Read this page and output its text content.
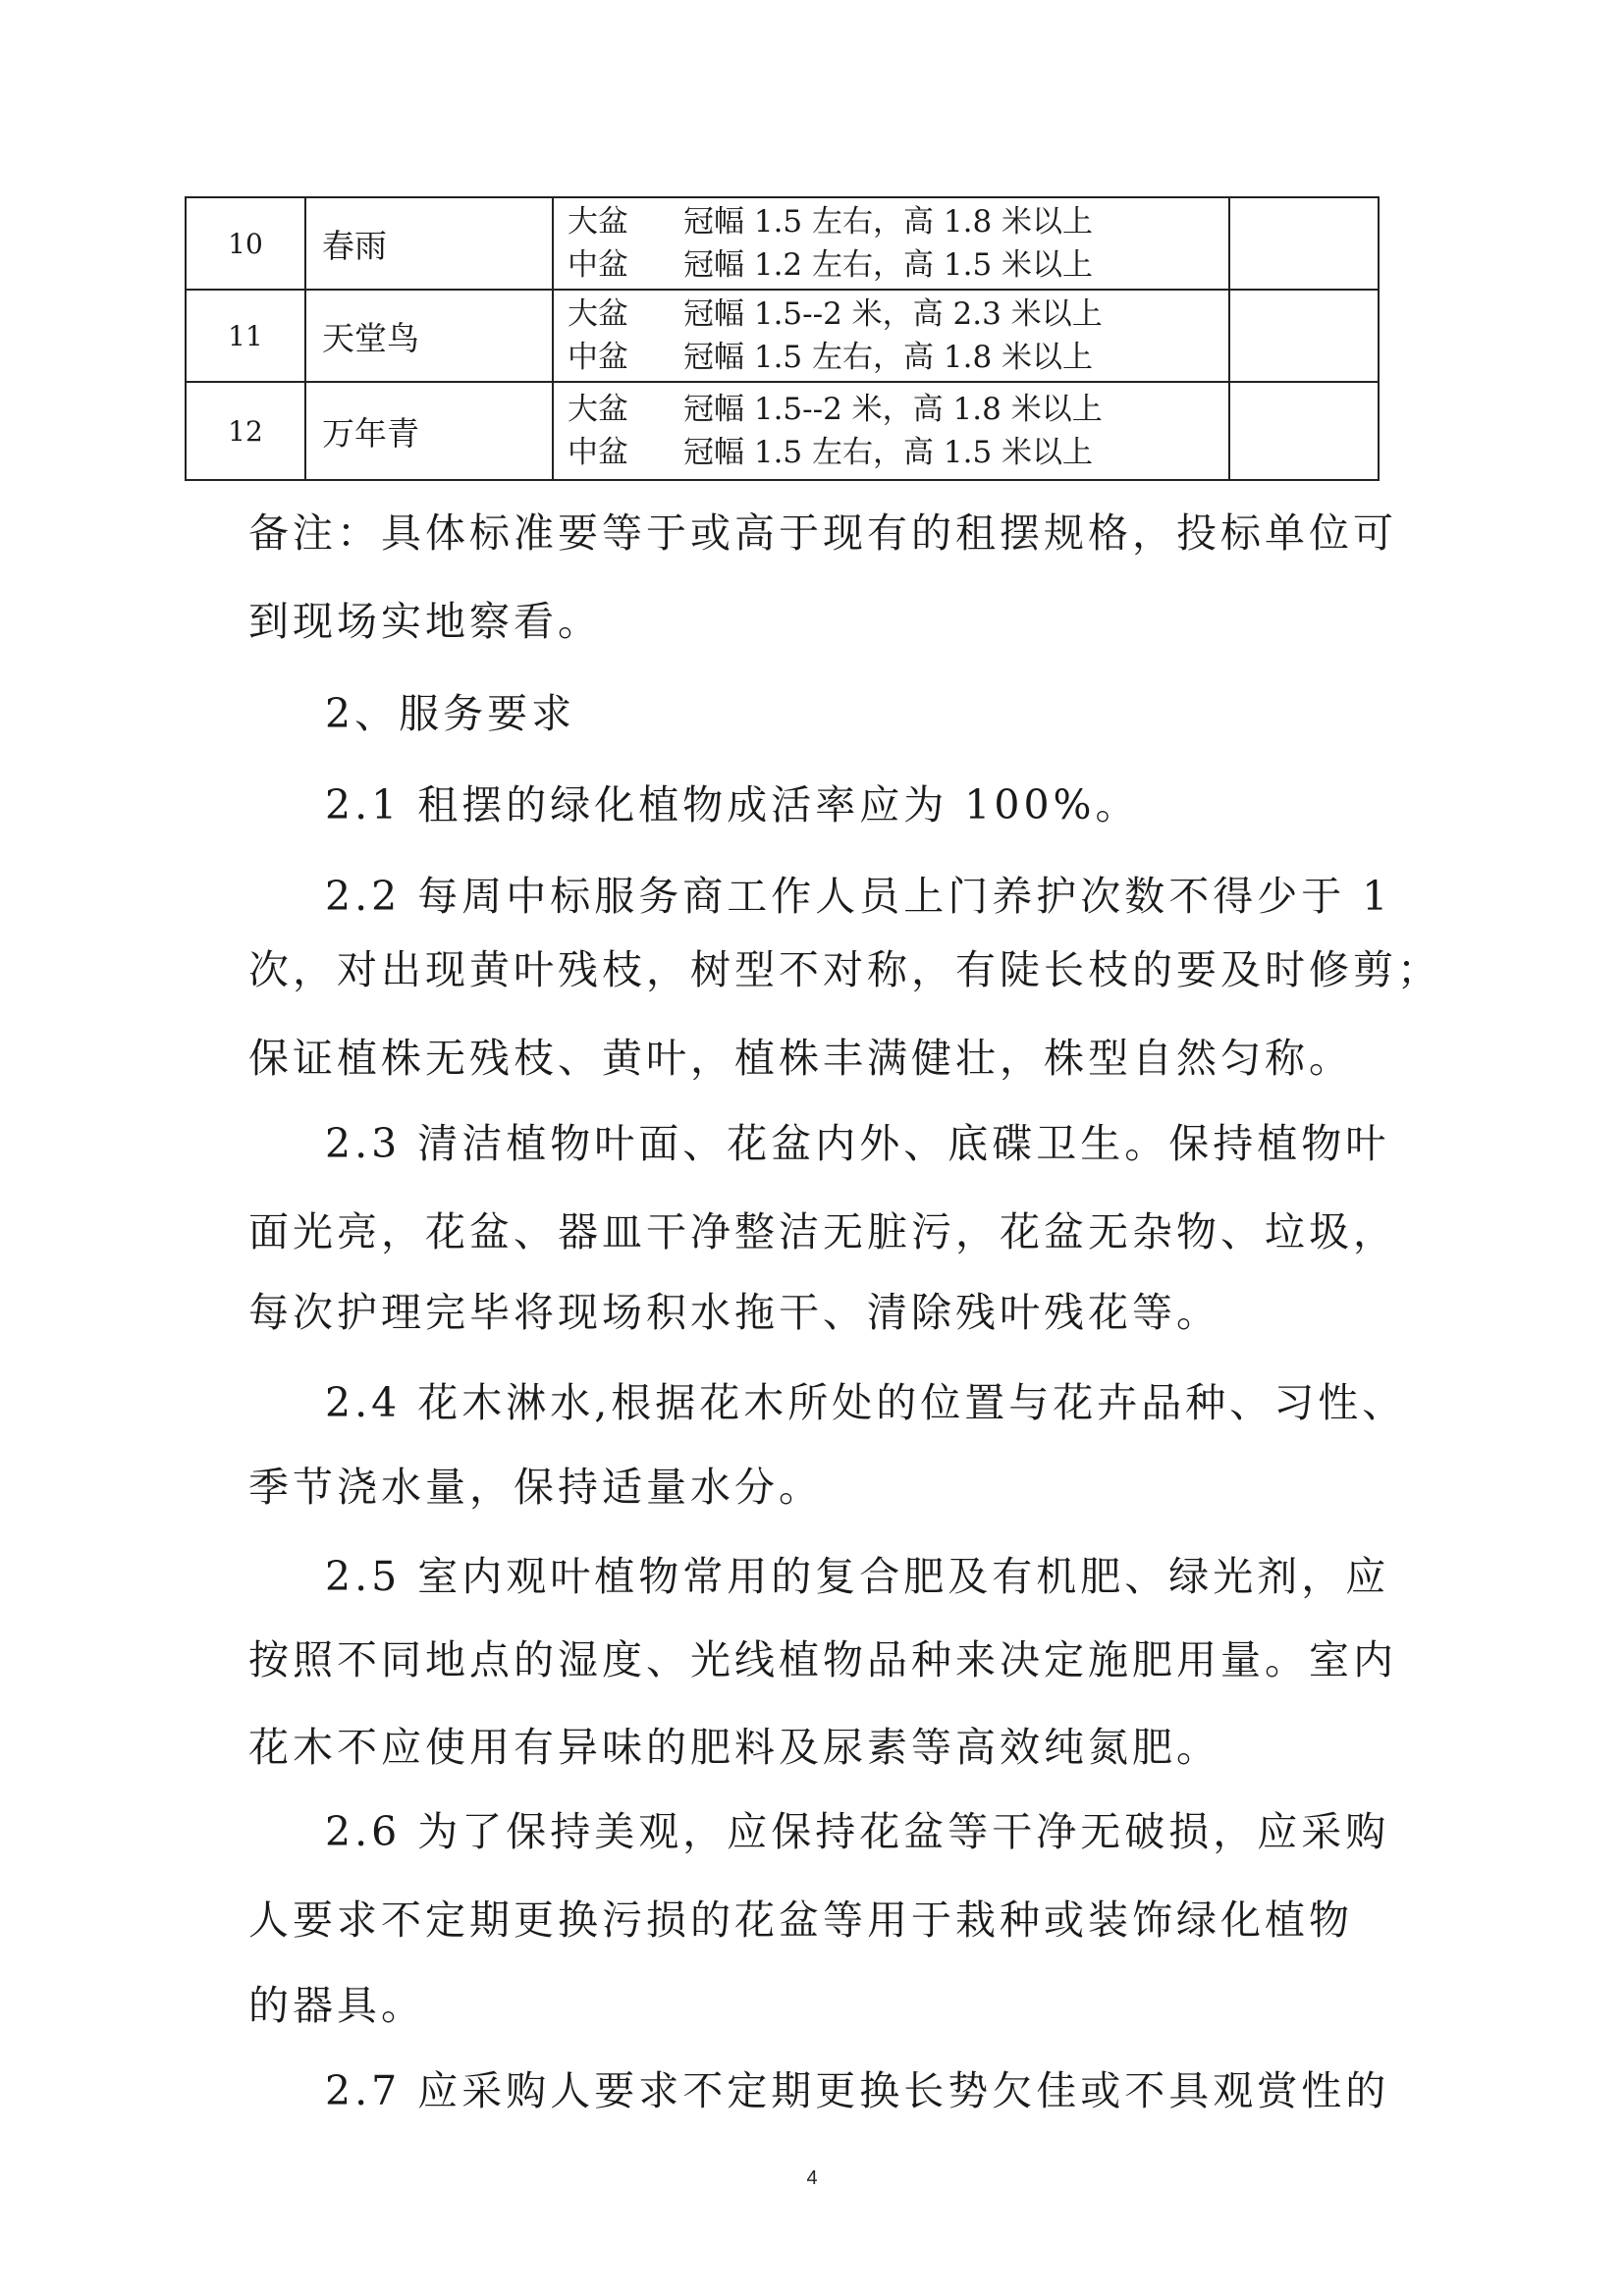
10	春雨	大盆 冠幅 1.5 左右，高 1.8 米以上
中盆 冠幅 1.2 左右，高 1.5 米以上	

11	天堂鸟	大盆 冠幅 1.5--2 米，高 2.3 米以上
中盆 冠幅 1.5 左右，高 1.8 米以上	

12	万年青	大盆 冠幅 1.5--2 米，高 1.8 米以上
中盆 冠幅 1.5 左右，高 1.5 米以上	

备注：具体标准要等于或高于现有的租摆规格，投标单位可

到现场实地察看。

2、服务要求

2.1 租摆的绿化植物成活率应为 100%。

2.2 每周中标服务商工作人员上门养护次数不得少于 1

次，对出现黄叶残枝，树型不对称，有陡长枝的要及时修剪；

保证植株无残枝、黄叶，植株丰满健壮，株型自然匀称。

2.3 清洁植物叶面、花盆内外、底碟卫生。保持植物叶

面光亮，花盆、器皿干净整洁无脏污，花盆无杂物、垃圾，

每次护理完毕将现场积水拖干、清除残叶残花等。

2.4 花木淋水,根据花木所处的位置与花卉品种、习性、

季节浇水量，保持适量水分。

2.5 室内观叶植物常用的复合肥及有机肥、绿光剂，应

按照不同地点的湿度、光线植物品种来决定施肥用量。室内

花木不应使用有异味的肥料及尿素等高效纯氮肥。

2.6 为了保持美观，应保持花盆等干净无破损，应采购

人要求不定期更换污损的花盆等用于栽种或装饰绿化植物

的器具。

2.7 应采购人要求不定期更换长势欠佳或不具观赏性的

4
